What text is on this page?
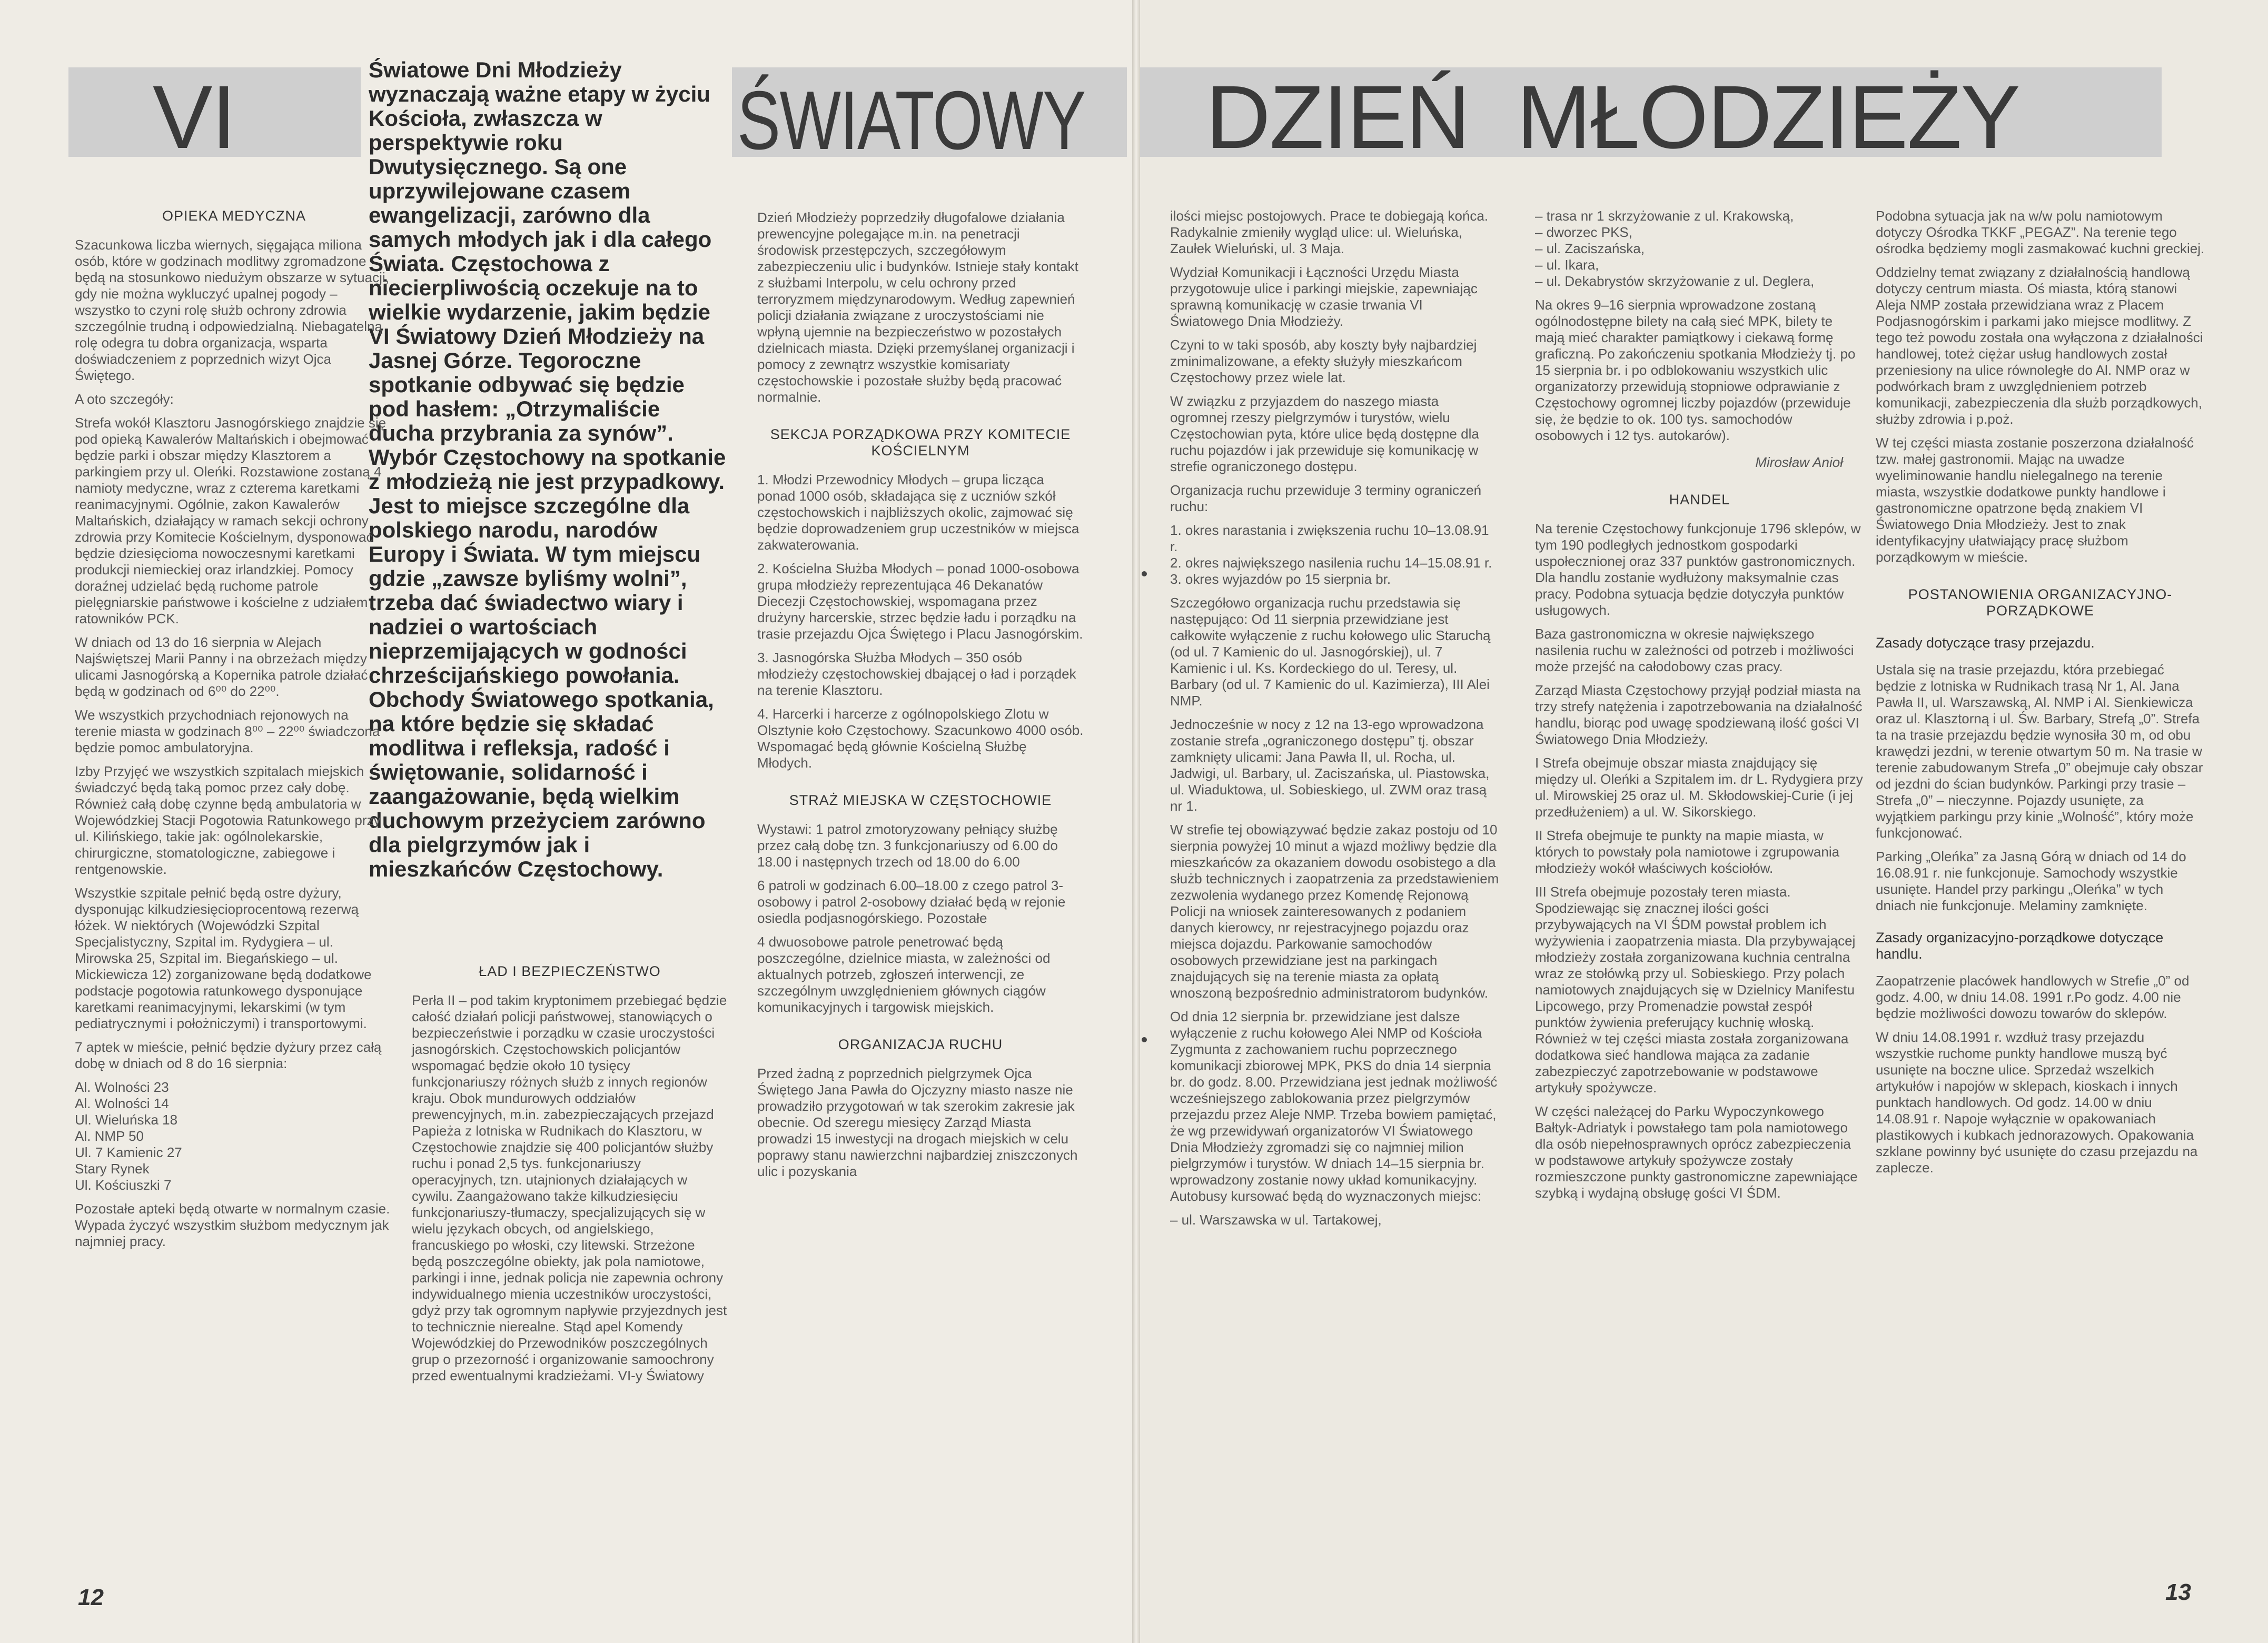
VI	ŚWIATOWY DZIEŃ MŁODZIEŻY
Światowe Dni Młodzieży wyznaczają ważne etapy w życiu Kościoła, zwłaszcza w perspektywie roku Dwutysięcznego. Są one uprzywilejowane czasem ewangelizacji, zarówno dla samych młodych jak i dla całego Świata. Częstochowa z niecierpliwością oczekuje na to wielkie wydarzenie, jakim będzie VI Światowy Dzień Młodzieży na Jasnej Górze. Tegoroczne spotkanie odbywać się będzie pod hasłem: „Otrzymaliście ducha przybrania za synów”. Wybór Częstochowy na spotkanie z młodzieżą nie jest przypadkowy. Jest to miejsce szczególne dla polskiego narodu, narodów Europy i Świata. W tym miejscu gdzie „zawsze byliśmy wolni”, trzeba dać świadectwo wiary i nadziei o wartościach nieprzemijających w godności chrześcijańskiego powołania. Obchody Światowego spotkania, na które będzie się składać modlitwa i refleksja, radość i świętowanie, solidarność i zaangażowanie, będą wielkim duchowym przeżyciem zarówno dla pielgrzymów jak i mieszkańców Częstochowy.

OPIEKA MEDYCZNA

Szacunkowa liczba wiernych, sięgająca miliona osób, które w godzinach modlitwy zgromadzone będą na stosunkowo niedużym obszarze w sytuacji, gdy nie można wykluczyć upalnej pogody – wszystko to czyni rolę służb ochrony zdrowia szczególnie trudną i odpowiedzialną. Niebagatelną rolę odegra tu dobra organizacja, wsparta doświadczeniem z poprzednich wizyt Ojca Świętego.

A oto szczegóły:

Strefa wokół Klasztoru Jasnogórskiego znajdzie się pod opieką Kawalerów Maltańskich i obejmować będzie parki i obszar między Klasztorem a parkingiem przy ul. Oleńki. Rozstawione zostaną 4 namioty medyczne, wraz z czterema karetkami reanimacyjnymi. Ogólnie, zakon Kawalerów Maltańskich, działający w ramach sekcji ochrony zdrowia przy Komitecie Kościelnym, dysponować będzie dziesięcioma nowoczesnymi karetkami produkcji niemieckiej oraz irlandzkiej. Pomocy doraźnej udzielać będą ruchome patrole pielęgniarskie państwowe i kościelne z udziałem ratowników PCK.

W dniach od 13 do 16 sierpnia w Alejach Najświętszej Marii Panny i na obrzeżach między ulicami Jasnogórską a Kopernika patrole działać będą w godzinach od 6⁰⁰ do 22⁰⁰.

We wszystkich przychodniach rejonowych na terenie miasta w godzinach 8⁰⁰ – 22⁰⁰ świadczona będzie pomoc ambulatoryjna.

Izby Przyjęć we wszystkich szpitalach miejskich świadczyć będą taką pomoc przez cały dobę. Również całą dobę czynne będą ambulatoria w Wojewódzkiej Stacji Pogotowia Ratunkowego przy ul. Kilińskiego, takie jak: ogólnolekarskie, chirurgiczne, stomatologiczne, zabiegowe i rentgenowskie.

Wszystkie szpitale pełnić będą ostre dyżury, dysponując kilkudziesięcioprocentową rezerwą łóżek. W niektórych (Wojewódzki Szpital Specjalistyczny, Szpital im. Rydygiera – ul. Mirowska 25, Szpital im. Biegańskiego – ul. Mickiewicza 12) zorganizowane będą dodatkowe podstacje pogotowia ratunkowego dysponujące karetkami reanimacyjnymi, lekarskimi (w tym pediatrycznymi i położniczymi) i transportowymi.

7 aptek w mieście, pełnić będzie dyżury przez całą dobę w dniach od 8 do 16 sierpnia:

Al. Wolności 23
Al. Wolności 14
Ul. Wieluńska 18
Al. NMP 50
Ul. 7 Kamienic 27
Stary Rynek
Ul. Kościuszki 7

Pozostałe apteki będą otwarte w normalnym czasie.

Wypada życzyć wszystkim służbom medycznym jak najmniej pracy.

ŁAD I BEZPIECZEŃSTWO

Perła II – pod takim kryptonimem przebiegać będzie całość działań policji państwowej, stanowiących o bezpieczeństwie i porządku w czasie uroczystości jasnogórskich. Częstochowskich policjantów wspomagać będzie około 10 tysięcy funkcjonariuszy różnych służb z innych regionów kraju. Obok mundurowych oddziałów prewencyjnych, m.in. zabezpieczających przejazd Papieża z lotniska w Rudnikach do Klasztoru, w Częstochowie znajdzie się 400 policjantów służby ruchu i ponad 2,5 tys. funkcjonariuszy operacyjnych, tzn. utajnionych działających w cywilu. Zaangażowano także kilkudziesięciu funkcjonariuszy-tłumaczy, specjalizujących się w wielu językach obcych, od angielskiego, francuskiego po włoski, czy litewski. Strzeżone będą poszczególne obiekty, jak pola namiotowe, parkingi i inne, jednak policja nie zapewnia ochrony indywidualnego mienia uczestników uroczystości, gdyż przy tak ogromnym napływie przyjezdnych jest to technicznie nierealne. Stąd apel Komendy Wojewódzkiej do Przewodników poszczególnych grup o przezorność i organizowanie samoochrony przed ewentualnymi kradzieżami. VI-y Światowy

Dzień Młodzieży poprzedziły długofalowe działania prewencyjne polegające m.in. na penetracji środowisk przestępczych, szczegółowym zabezpieczeniu ulic i budynków. Istnieje stały kontakt z służbami Interpolu, w celu ochrony przed terroryzmem międzynarodowym. Według zapewnień policji działania związane z uroczystościami nie wpłyną ujemnie na bezpieczeństwo w pozostałych dzielnicach miasta. Dzięki przemyślanej organizacji i pomocy z zewnątrz wszystkie komisariaty częstochowskie i pozostałe służby będą pracować normalnie.

SEKCJA PORZĄDKOWA PRZY KOMITECIE KOŚCIELNYM

1. Młodzi Przewodnicy Młodych – grupa licząca ponad 1000 osób, składająca się z uczniów szkół częstochowskich i najbliższych okolic, zajmować się będzie doprowadzeniem grup uczestników w miejsca zakwaterowania.

2. Kościelna Służba Młodych – ponad 1000-osobowa grupa młodzieży reprezentująca 46 Dekanatów Diecezji Częstochowskiej, wspomagana przez drużyny harcerskie, strzec będzie ładu i porządku na trasie przejazdu Ojca Świętego i Placu Jasnogórskim.

3. Jasnogórska Służba Młodych – 350 osób młodzieży częstochowskiej dbającej o ład i porządek na terenie Klasztoru.

4. Harcerki i harcerze z ogólnopolskiego Zlotu w Olsztynie koło Częstochowy. Szacunkowo 4000 osób. Wspomagać będą głównie Kościelną Służbę Młodych.

STRAŻ MIEJSKA W CZĘSTOCHOWIE

Wystawi: 1 patrol zmotoryzowany pełniący służbę przez całą dobę tzn. 3 funkcjonariuszy od 6.00 do 18.00 i następnych trzech od 18.00 do 6.00

6 patroli w godzinach 6.00–18.00 z czego patrol 3-osobowy i patrol 2-osobowy działać będą w rejonie osiedla podjasnogórskiego. Pozostałe

4 dwuosobowe patrole penetrować będą poszczególne, dzielnice miasta, w zależności od aktualnych potrzeb, zgłoszeń interwencji, ze szczególnym uwzględnieniem głównych ciągów komunikacyjnych i targowisk miejskich.

ORGANIZACJA RUCHU

Przed żadną z poprzednich pielgrzymek Ojca Świętego Jana Pawła do Ojczyzny miasto nasze nie prowadziło przygotowań w tak szerokim zakresie jak obecnie. Od szeregu miesięcy Zarząd Miasta prowadzi 15 inwestycji na drogach miejskich w celu poprawy stanu nawierzchni najbardziej zniszczonych ulic i pozyskania

ilości miejsc postojowych. Prace te dobiegają końca. Radykalnie zmieniły wygląd ulice: ul. Wieluńska, Zaułek Wieluński, ul. 3 Maja.

Wydział Komunikacji i Łączności Urzędu Miasta przygotowuje ulice i parkingi miejskie, zapewniając sprawną komunikację w czasie trwania VI Światowego Dnia Młodzieży.

Czyni to w taki sposób, aby koszty były najbardziej zminimalizowane, a efekty służyły mieszkańcom Częstochowy przez wiele lat.

W związku z przyjazdem do naszego miasta ogromnej rzeszy pielgrzymów i turystów, wielu Częstochowian pyta, które ulice będą dostępne dla ruchu pojazdów i jak przewiduje się komunikację w strefie ograniczonego dostępu.

Organizacja ruchu przewiduje 3 terminy ograniczeń ruchu:

1. okres narastania i zwiększenia ruchu 10–13.08.91 r.

2. okres największego nasilenia ruchu 14–15.08.91 r.

3. okres wyjazdów po 15 sierpnia br.

Szczegółowo organizacja ruchu przedstawia się następująco: Od 11 sierpnia przewidziane jest całkowite wyłączenie z ruchu kołowego ulic Staruchą (od ul. 7 Kamienic do ul. Jasnogórskiej), ul. 7 Kamienic i ul. Ks. Kordeckiego do ul. Teresy, ul. Barbary (od ul. 7 Kamienic do ul. Kazimierza), III Alei NMP.

Jednocześnie w nocy z 12 na 13-ego wprowadzona zostanie strefa „ograniczonego dostępu” tj. obszar zamknięty ulicami: Jana Pawła II, ul. Rocha, ul. Jadwigi, ul. Barbary, ul. Zaciszańska, ul. Piastowska, ul. Wiaduktowa, ul. Sobieskiego, ul. ZWM oraz trasą nr 1.

W strefie tej obowiązywać będzie zakaz postoju od 10 sierpnia powyżej 10 minut a wjazd możliwy będzie dla mieszkańców za okazaniem dowodu osobistego a dla służb technicznych i zaopatrzenia za przedstawieniem zezwolenia wydanego przez Komendę Rejonową Policji na wniosek zainteresowanych z podaniem danych kierowcy, nr rejestracyjnego pojazdu oraz miejsca dojazdu. Parkowanie samochodów osobowych przewidziane jest na parkingach znajdujących się na terenie miasta za opłatą wnoszoną bezpośrednio administratorom budynków.

Od dnia 12 sierpnia br. przewidziane jest dalsze wyłączenie z ruchu kołowego Alei NMP od Kościoła Zygmunta z zachowaniem ruchu poprzecznego komunikacji zbiorowej MPK, PKS do dnia 14 sierpnia br. do godz. 8.00. Przewidziana jest jednak możliwość wcześniejszego zablokowania przez pielgrzymów przejazdu przez Aleje NMP. Trzeba bowiem pamiętać, że wg przewidywań organizatorów VI Światowego Dnia Młodzieży zgromadzi się co najmniej milion pielgrzymów i turystów. W dniach 14–15 sierpnia br. wprowadzony zostanie nowy układ komunikacyjny. Autobusy kursować będą do wyznaczonych miejsc:

– ul. Warszawska w ul. Tartakowej,

– trasa nr 1 skrzyżowanie z ul. Krakowską,
– dworzec PKS,
– ul. Zaciszańska,
– ul. Ikara,
– ul. Dekabrystów skrzyżowanie z ul. Deglera,

Na okres 9–16 sierpnia wprowadzone zostaną ogólnodostępne bilety na całą sieć MPK, bilety te mają mieć charakter pamiątkowy i ciekawą formę graficzną. Po zakończeniu spotkania Młodzieży tj. po 15 sierpnia br. i po odblokowaniu wszystkich ulic organizatorzy przewidują stopniowe odprawianie z Częstochowy ogromnej liczby pojazdów (przewiduje się, że będzie to ok. 100 tys. samochodów osobowych i 12 tys. autokarów).

Mirosław Anioł

HANDEL

Na terenie Częstochowy funkcjonuje 1796 sklepów, w tym 190 podległych jednostkom gospodarki uspołecznionej oraz 337 punktów gastronomicznych. Dla handlu zostanie wydłużony maksymalnie czas pracy. Podobna sytuacja będzie dotyczyła punktów usługowych.

Baza gastronomiczna w okresie największego nasilenia ruchu w zależności od potrzeb i możliwości może przejść na całodobowy czas pracy.

Zarząd Miasta Częstochowy przyjął podział miasta na trzy strefy natężenia i zapotrzebowania na działalność handlu, biorąc pod uwagę spodziewaną ilość gości VI Światowego Dnia Młodzieży.

I Strefa obejmuje obszar miasta znajdujący się między ul. Oleńki a Szpitalem im. dr L. Rydygiera przy ul. Mirowskiej 25 oraz ul. M. Skłodowskiej-Curie (i jej przedłużeniem) a ul. W. Sikorskiego.

II Strefa obejmuje te punkty na mapie miasta, w których to powstały pola namiotowe i zgrupowania młodzieży wokół właściwych kościołów.

III Strefa obejmuje pozostały teren miasta. Spodziewając się znacznej ilości gości przybywających na VI ŚDM powstał problem ich wyżywienia i zaopatrzenia miasta. Dla przybywającej młodzieży została zorganizowana kuchnia centralna wraz ze stołówką przy ul. Sobieskiego. Przy polach namiotowych znajdujących się w Dzielnicy Manifestu Lipcowego, przy Promenadzie powstał zespół punktów żywienia preferujący kuchnię włoską. Również w tej części miasta została zorganizowana dodatkowa sieć handlowa mająca za zadanie zabezpieczyć zapotrzebowanie w podstawowe artykuły spożywcze.

W części należącej do Parku Wypoczynkowego Bałtyk-Adriatyk i powstałego tam pola namiotowego dla osób niepełnosprawnych oprócz zabezpieczenia w podstawowe artykuły spożywcze zostały rozmieszczone punkty gastronomiczne zapewniające szybką i wydajną obsługę gości VI ŚDM.

Podobna sytuacja jak na w/w polu namiotowym dotyczy Ośrodka TKKF „PEGAZ”. Na terenie tego ośrodka będziemy mogli zasmakować kuchni greckiej.

Oddzielny temat związany z działalnością handlową dotyczy centrum miasta. Oś miasta, którą stanowi Aleja NMP została przewidziana wraz z Placem Podjasnogórskim i parkami jako miejsce modlitwy. Z tego też powodu została ona wyłączona z działalności handlowej, toteż ciężar usług handlowych został przeniesiony na ulice równoległe do Al. NMP oraz w podwórkach bram z uwzględnieniem potrzeb komunikacji, zabezpieczenia dla służb porządkowych, służby zdrowia i p.poż.

W tej części miasta zostanie poszerzona działalność tzw. małej gastronomii. Mając na uwadze wyeliminowanie handlu nielegalnego na terenie miasta, wszystkie dodatkowe punkty handlowe i gastronomiczne opatrzone będą znakiem VI Światowego Dnia Młodzieży. Jest to znak identyfikacyjny ułatwiający pracę służbom porządkowym w mieście.

POSTANOWIENIA ORGANIZACYJNO-PORZĄDKOWE

Zasady dotyczące trasy przejazdu.

Ustala się na trasie przejazdu, która przebiegać będzie z lotniska w Rudnikach trasą Nr 1, Al. Jana Pawła II, ul. Warszawską, Al. NMP i Al. Sienkiewicza oraz ul. Klasztorną i ul. Św. Barbary, Strefą „0”. Strefa ta na trasie przejazdu będzie wynosiła 30 m, od obu krawędzi jezdni, w terenie otwartym 50 m. Na trasie w terenie zabudowanym Strefa „0” obejmuje cały obszar od jezdni do ścian budynków. Parkingi przy trasie – Strefa „0” – nieczynne. Pojazdy usunięte, za wyjątkiem parkingu przy kinie „Wolność”, który może funkcjonować.

Parking „Oleńka” za Jasną Górą w dniach od 14 do 16.08.91 r. nie funkcjonuje. Samochody wszystkie usunięte. Handel przy parkingu „Oleńka” w tych dniach nie funkcjonuje. Melaminy zamknięte.

Zasady organizacyjno-porządkowe dotyczące handlu.

Zaopatrzenie placówek handlowych w Strefie „0” od godz. 4.00, w dniu 14.08. 1991 r.Po godz. 4.00 nie będzie możliwości dowozu towarów do sklepów.

W dniu 14.08.1991 r. wzdłuż trasy przejazdu wszystkie ruchome punkty handlowe muszą być usunięte na boczne ulice. Sprzedaż wszelkich artykułów i napojów w sklepach, kioskach i innych punktach handlowych. Od godz. 14.00 w dniu 14.08.91 r. Napoje wyłącznie w opakowaniach plastikowych i kubkach jednorazowych. Opakowania szklane powinny być usunięte do czasu przejazdu na zaplecze.

12	13
